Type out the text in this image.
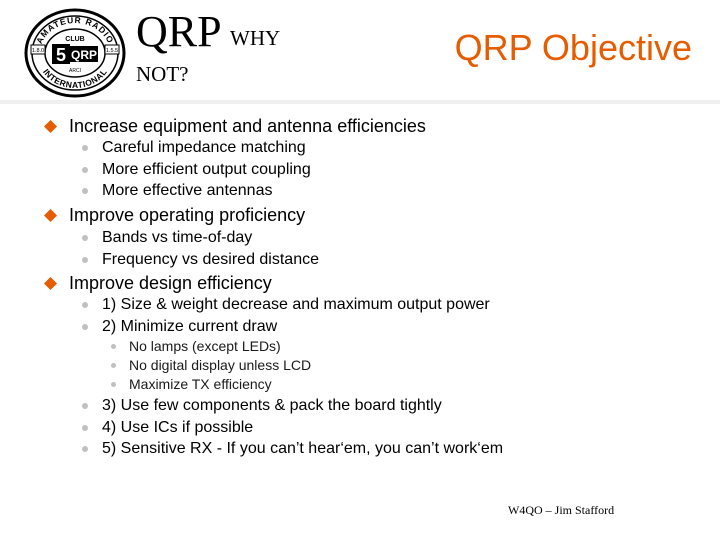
AMATEUR RADIO
INTERNATIONAL
1.8.0	1.5.5
CLUB
5 QRP
ARCI
QRP WHY
NOT?
QRP Objective
Increase equipment and antenna efficiencies
Careful impedance matching
More efficient output coupling
More effective antennas
Improve operating proficiency
Bands vs time-of-day
Frequency vs desired distance
Improve design efficiency
1) Size & weight decrease and maximum output power
2) Minimize current draw
No lamps (except LEDs)
No digital display unless LCD
Maximize TX efficiency
3) Use few components & pack the board tightly
4) Use ICs if possible
5) Sensitive RX - If you can’t hear‘em, you can’t work‘em
W4QO – Jim Stafford
